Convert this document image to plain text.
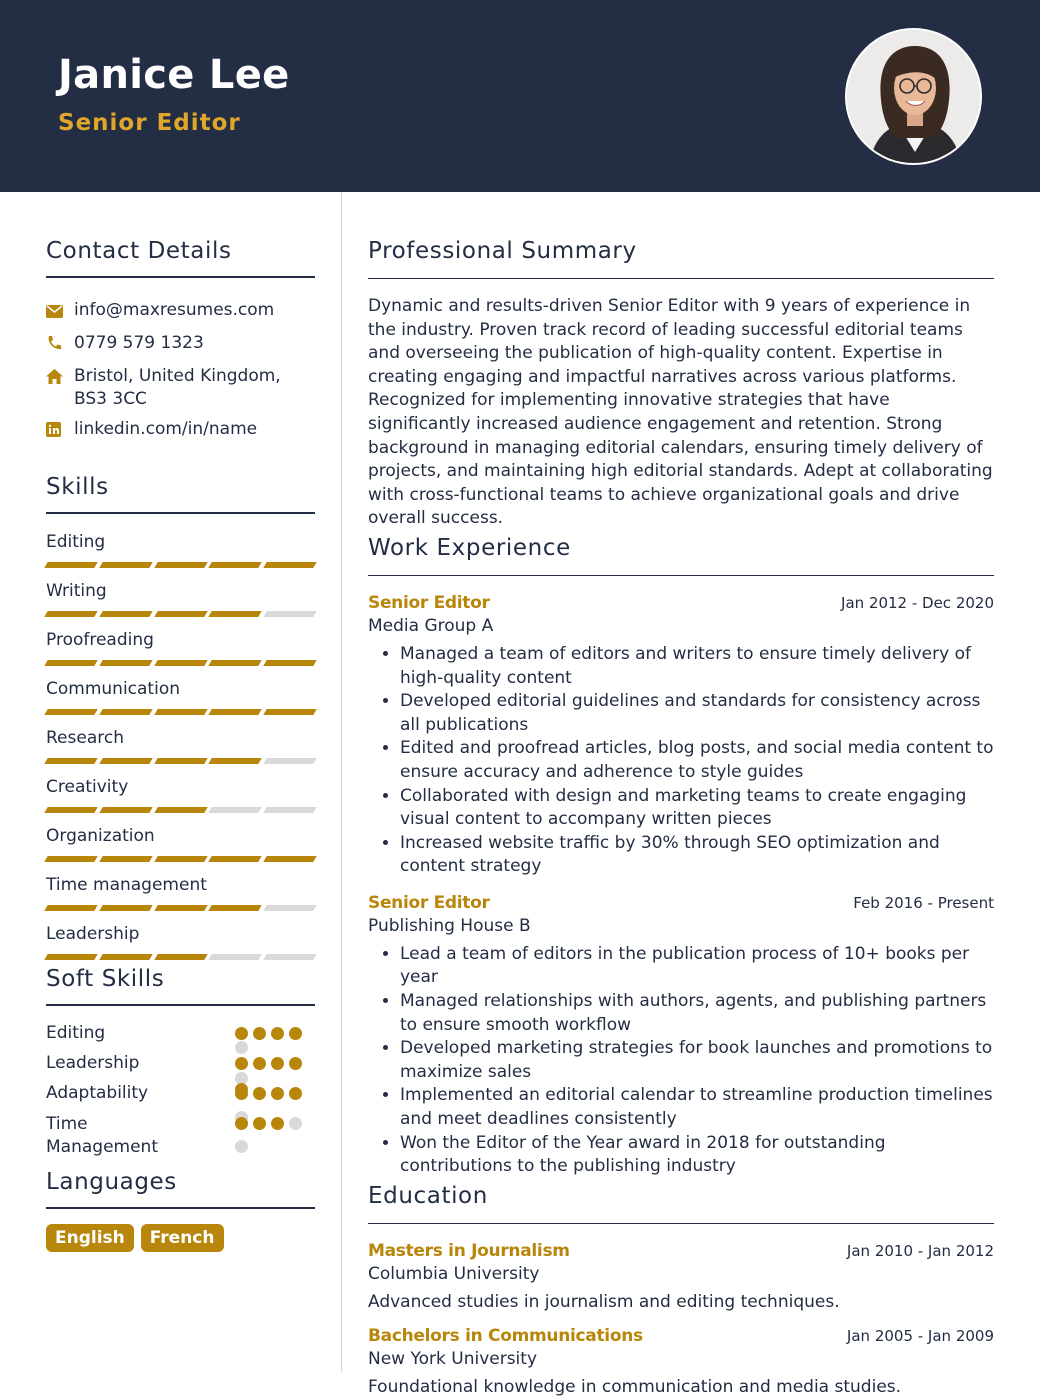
Janice Lee
Senior Editor
Contact Details
info@maxresumes.com
0779 579 1323
Bristol, United Kingdom, BS3 3CC
linkedin.com/in/name
Skills
Editing
Writing
Proofreading
Communication
Research
Creativity
Organization
Time management
Leadership
Soft Skills
Editing
Leadership
Adaptability
Time Management
Languages
English	French
Professional Summary
Dynamic and results-driven Senior Editor with 9 years of experience in the industry. Proven track record of leading successful editorial teams and overseeing the publication of high-quality content. Expertise in creating engaging and impactful narratives across various platforms. Recognized for implementing innovative strategies that have significantly increased audience engagement and retention. Strong background in managing editorial calendars, ensuring timely delivery of projects, and maintaining high editorial standards. Adept at collaborating with cross-functional teams to achieve organizational goals and drive overall success.
Work Experience
Senior Editor	Jan 2012 - Dec 2020
Media Group A
• Managed a team of editors and writers to ensure timely delivery of high-quality content
• Developed editorial guidelines and standards for consistency across all publications
• Edited and proofread articles, blog posts, and social media content to ensure accuracy and adherence to style guides
• Collaborated with design and marketing teams to create engaging visual content to accompany written pieces
• Increased website traffic by 30% through SEO optimization and content strategy
Senior Editor	Feb 2016 - Present
Publishing House B
• Lead a team of editors in the publication process of 10+ books per year
• Managed relationships with authors, agents, and publishing partners to ensure smooth workflow
• Developed marketing strategies for book launches and promotions to maximize sales
• Implemented an editorial calendar to streamline production timelines and meet deadlines consistently
• Won the Editor of the Year award in 2018 for outstanding contributions to the publishing industry
Education
Masters in Journalism	Jan 2010 - Jan 2012
Columbia University
Advanced studies in journalism and editing techniques.
Bachelors in Communications	Jan 2005 - Jan 2009
New York University
Foundational knowledge in communication and media studies.
